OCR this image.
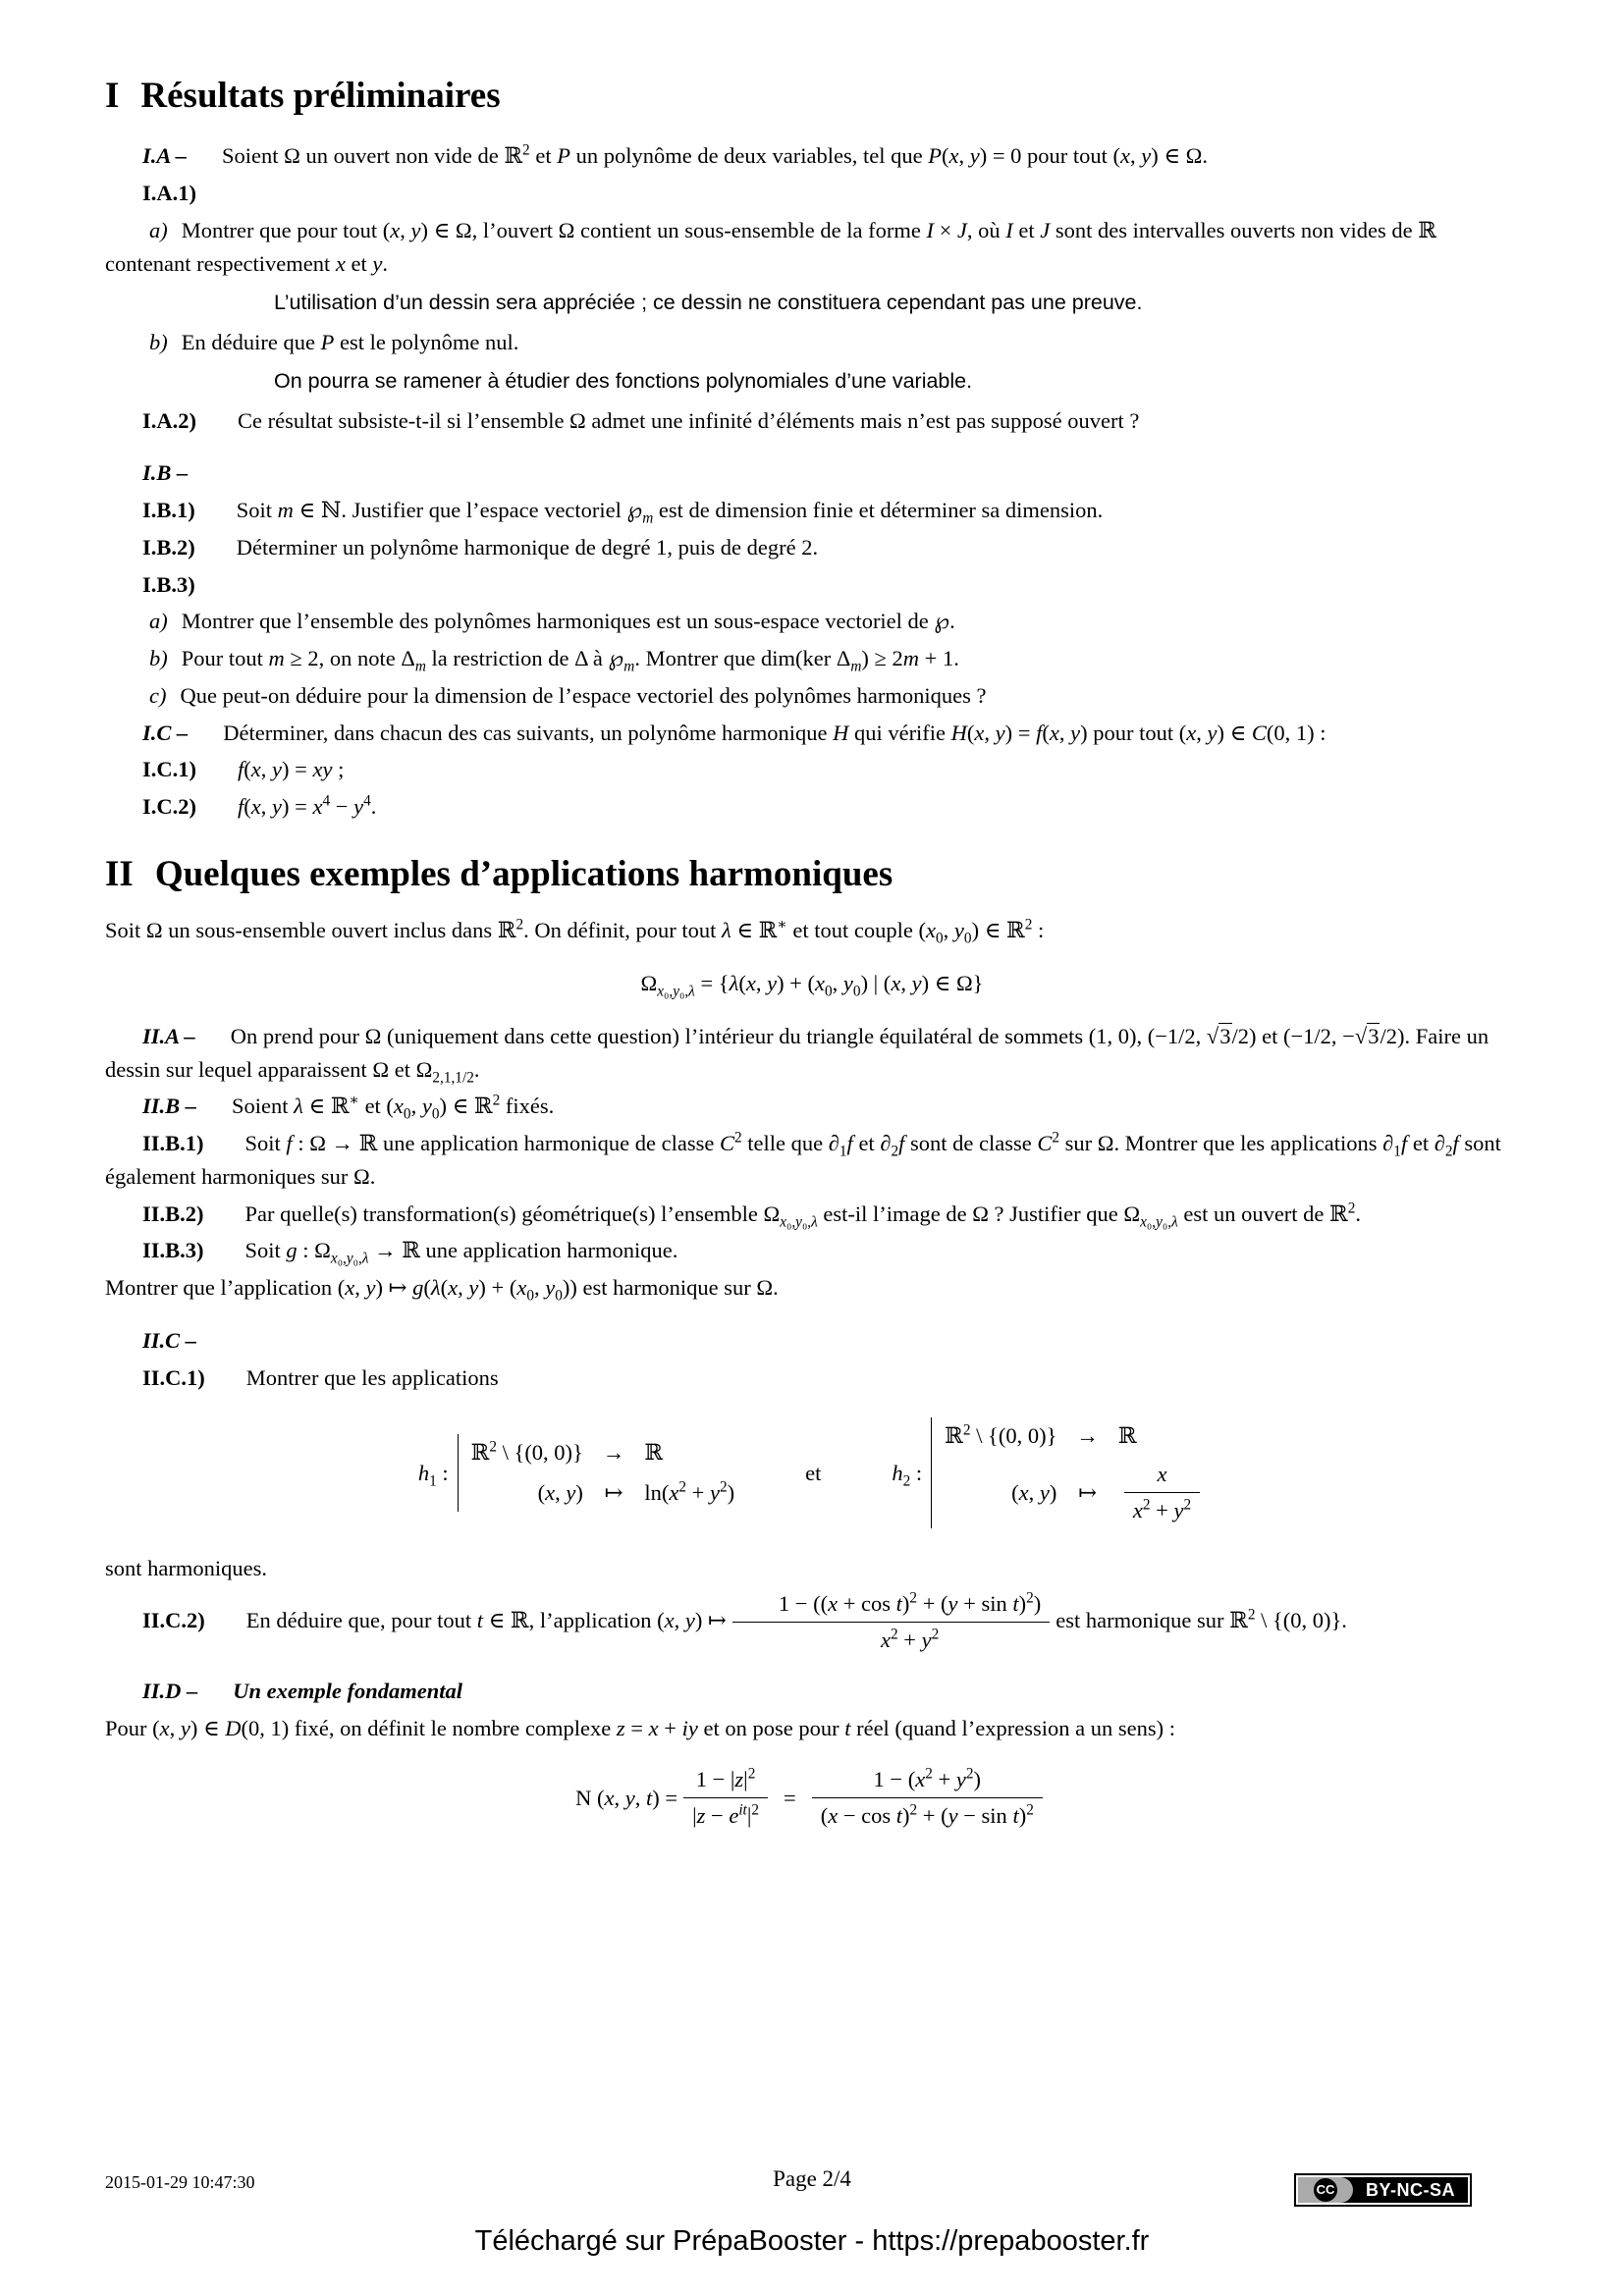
I Résultats préliminaires

I.A – Soient Ω un ouvert non vide de ℝ$^2$ et P un polynôme de deux variables, tel que P(x, y) = 0 pour tout (x, y) ∈ Ω.

I.A.1)

a) Montrer que pour tout (x, y) ∈ Ω, l’ouvert Ω contient un sous-ensemble de la forme I × J, où I et J sont des intervalles ouverts non vides de ℝ contenant respectivement x et y.

L’utilisation d’un dessin sera appréciée ; ce dessin ne constituera cependant pas une preuve.

b) En déduire que P est le polynôme nul.

On pourra se ramener à étudier des fonctions polynomiales d’une variable.

I.A.2) Ce résultat subsiste-t-il si l’ensemble Ω admet une infinité d’éléments mais n’est pas supposé ouvert ?

I.B –

I.B.1) Soit m ∈ ℕ. Justifier que l’espace vectoriel $℘_m$ est de dimension finie et déterminer sa dimension.

I.B.2) Déterminer un polynôme harmonique de degré 1, puis de degré 2.

I.B.3)

a) Montrer que l’ensemble des polynômes harmoniques est un sous-espace vectoriel de ℘.

b) Pour tout m ≥ 2, on note $\Delta_m$ la restriction de Δ à $℘_m$. Montrer que dim(ker $\Delta_m) \ge 2m + 1$.

c) Que peut-on déduire pour la dimension de l’espace vectoriel des polynômes harmoniques ?

I.C – Déterminer, dans chacun des cas suivants, un polynôme harmonique H qui vérifie H(x, y) = f(x, y) pour tout (x, y) ∈ C(0, 1) :

I.C.1) f(x, y) = xy ;

I.C.2) f(x, $y) = x^4 - y^4$.

II Quelques exemples d’applications harmoniques

Soit Ω un sous-ensemble ouvert inclus dans ℝ$^2$. On définit, pour tout λ ∈ ℝ∗ et tout couple ($x_0$, $y_0$) ∈ ℝ$^2$ :

$\Omega_{x_0,y_0,\lambda} = \{\lambda(x$, $y) + (x_0$, $y_0$) | (x, y) ∈ Ω}

II.A – On prend pour Ω (uniquement dans cette question) l’intérieur du triangle équilatéral de sommets (1, 0), (−1/2, √3/2) et (−1/2, −√3/2). Faire un dessin sur lequel apparaissent Ω et $\Omega_{2,1,1/2}$.

II.B – Soient λ ∈ ℝ∗ et ($x_0$, $y_0$) ∈ ℝ$^2$ fixés.

II.B.1) Soit f : Ω → ℝ une application harmonique de classe $C^2$ telle que $\partial_1f$ et $\partial_2f$ sont de classe $C^2$ sur Ω. Montrer que les applications $\partial_1f$ et $\partial_2f$ sont également harmoniques sur Ω.

II.B.2) Par quelle(s) transformation(s) géométrique(s) l’ensemble $\Omega_{x_0,y_0,\lambda}$ est-il l’image de Ω ? Justifier que $\Omega_{x_0,y_0,\lambda}$ est un ouvert de ℝ$^2$.

II.B.3) Soit g : $\Omega_{x_0,y_0,\lambda}$ → ℝ une application harmonique.

Montrer que l’application (x, y) ↦ g(λ(x, $y) + (x_0$, $y_0$)) est harmonique sur Ω.

II.C –

II.C.1) Montrer que les applications

$h_1$ :
ℝ$^2$ \ {(0, 0)} → ℝ
(x, y) ↦ $\ln(x^2 + y^2)$
et	$h_2$ :
ℝ$^2$ \ {(0, 0)} → ℝ
(x, y) ↦ $\frac{x}{x^2 + y^2}$

sont harmoniques.

II.C.2) En déduire que, pour tout t ∈ ℝ, l’application (x, y) ↦ $\frac{1 - ((x + \cos t)^2 + (y + \sin t)^2)}{x^2 + y^2}$ est harmonique sur ℝ$^2$ \ {(0, 0)}.

II.D – Un exemple fondamental

Pour (x, y) ∈ D(0, 1) fixé, on définit le nombre complexe z = x + iy et on pose pour t réel (quand l’expression a un sens) :

N (x, y, $t) = \frac{1 - |z|^2}{|z - e^{it}|^2} = \frac{1 - (x^2 + y^2)}{(x - \cos t)^2 + (y - \sin t)^2}$
2015-01-29 10:47:30	Page 2/4	CC	BY-NC-SA
Téléchargé sur PrépaBooster - https://prepabooster.fr
